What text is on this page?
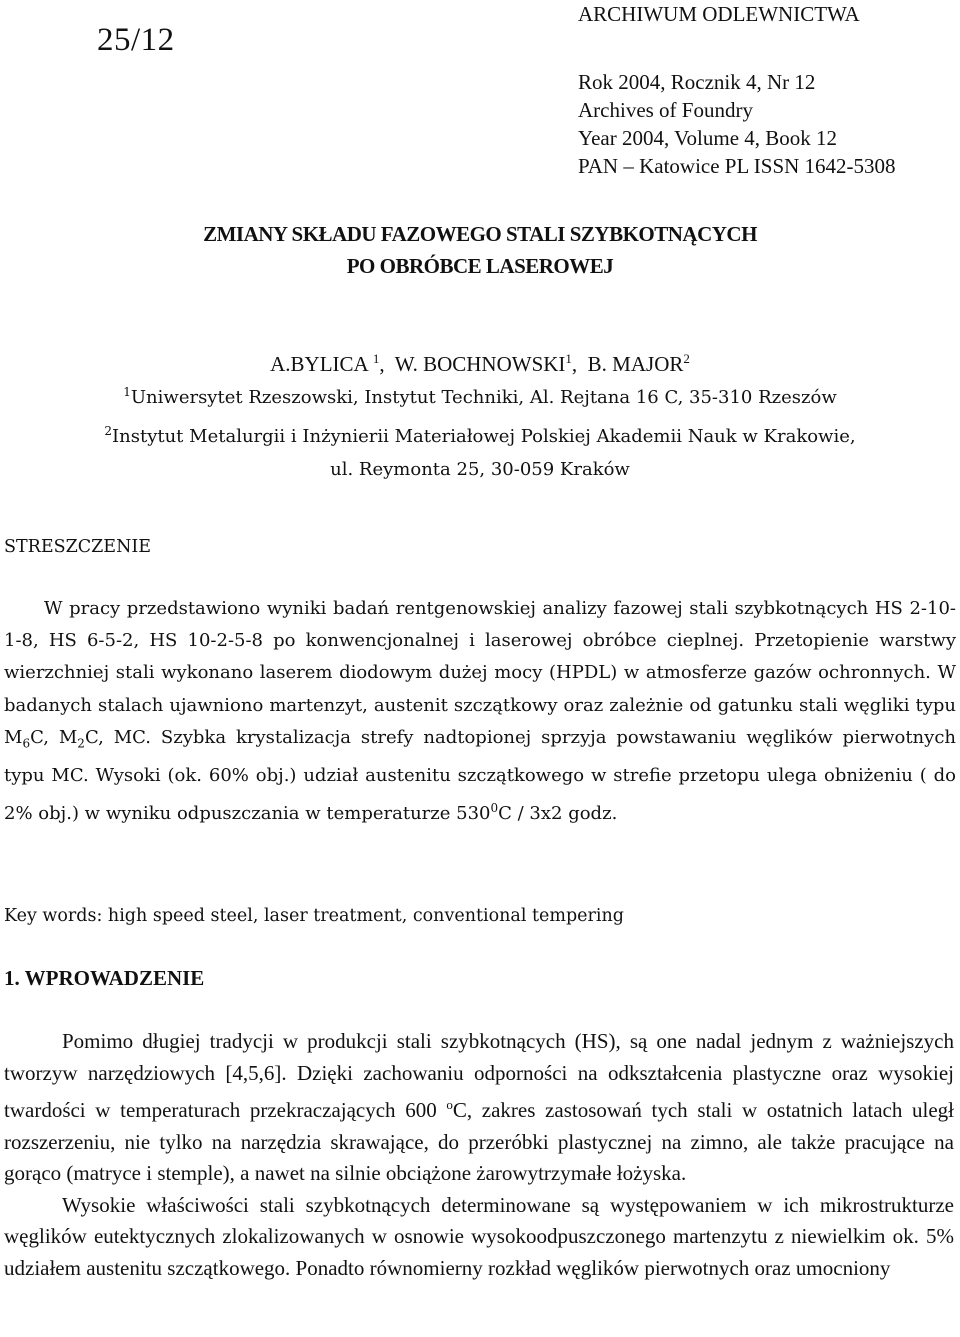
25/12
ARCHIWUM ODLEWNICTWA
Rok 2004, Rocznik 4, Nr 12
Archives of Foundry
Year 2004, Volume 4, Book 12
PAN – Katowice PL ISSN 1642-5308
ZMIANY SKŁADU FAZOWEGO STALI SZYBKOTNĄCYCH
PO OBRÓBCE LASEROWEJ
A.BYLICA $^1$,  W. BOCHNOWSKI$^1$,  B. MAJOR$^2$
$^1$Uniwersytet Rzeszowski, Instytut Techniki, Al. Rejtana 16 C, 35-310 Rzeszów
$^2$Instytut Metalurgii i Inżynierii Materiałowej Polskiej Akademii Nauk w Krakowie,
ul. Reymonta 25, 30-059 Kraków
STRESZCZENIE

W pracy przedstawiono wyniki badań rentgenowskiej analizy fazowej stali szybkotnących HS 2-10-1-8, HS 6-5-2, HS 10-2-5-8 po konwencjonalnej i laserowej obróbce cieplnej. Przetopienie warstwy wierzchniej stali wykonano laserem diodowym dużej mocy (HPDL) w atmosferze gazów ochronnych. W badanych stalach ujawniono martenzyt, austenit szczątkowy oraz zależnie od gatunku stali węgliki typu $M_6C$, $M_2C$, MC. Szybka krystalizacja strefy nadtopionej sprzyja powstawaniu węglików pierwotnych typu MC. Wysoki (ok. 60% obj.) udział austenitu szczątkowego w strefie przetopu ulega obniżeniu ( do 2% obj.) w wyniku odpuszczania w temperaturze $530^0C / 3x2$ godz.

Key words: high speed steel, laser treatment, conventional tempering
1. WPROWADZENIE

Pomimo długiej tradycji w produkcji stali szybkotnących (HS), są one nadal jednym z ważniejszych tworzyw narzędziowych [4,5,6]. Dzięki zachowaniu odporności na odkształcenia plastyczne oraz wysokiej twardości w temperaturach przekraczających 600 $^o$C, zakres zastosowań tych stali w ostatnich latach uległ rozszerzeniu, nie tylko na narzędzia skrawające, do przeróbki plastycznej na zimno, ale także pracujące na gorąco (matryce i stemple), a nawet na silnie obciążone żarowytrzymałe łożyska.

Wysokie właściwości stali szybkotnących determinowane są występowaniem w ich mikrostrukturze węglików eutektycznych zlokalizowanych w osnowie wysokoodpuszczonego martenzytu z niewielkim ok. 5% udziałem austenitu szczątkowego. Ponadto równomierny rozkład węglików pierwotnych oraz umocniony
